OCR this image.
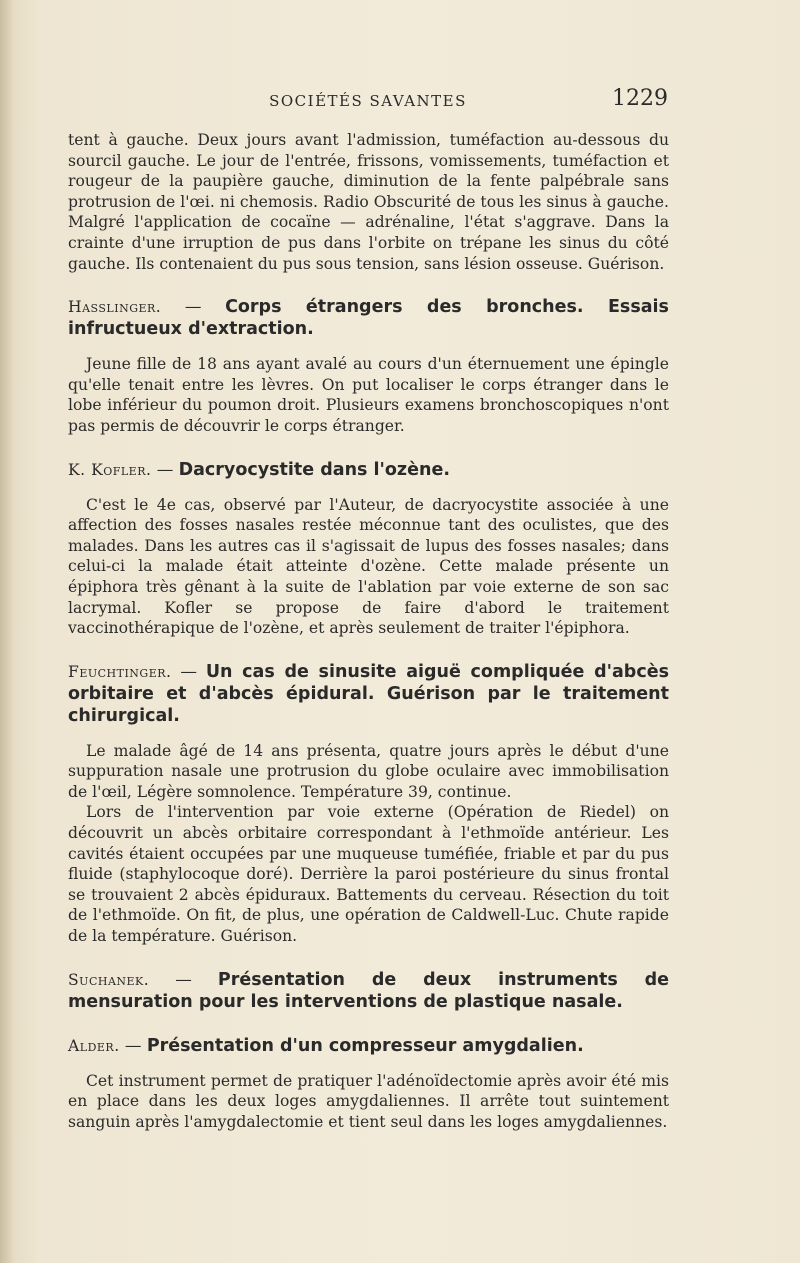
SOCIÉTÉS SAVANTES	1229

tent à gauche. Deux jours avant l'admission, tuméfaction au-dessous du sourcil gauche. Le jour de l'entrée, frissons, vomissements, tuméfaction et rougeur de la paupière gauche, diminution de la fente palpébrale sans protrusion de l'œi. ni chemosis. Radio Obscurité de tous les sinus à gauche. Malgré l'application de cocaïne — adrénaline, l'état s'aggrave. Dans la crainte d'une irruption de pus dans l'orbite on trépane les sinus du côté gauche. Ils contenaient du pus sous tension, sans lésion osseuse. Guérison.

Hasslinger. — Corps étrangers des bronches. Essais infructueux d'extraction.

Jeune fille de 18 ans ayant avalé au cours d'un éternuement une épingle qu'elle tenait entre les lèvres. On put localiser le corps étranger dans le lobe inférieur du poumon droit. Plusieurs examens bronchoscopiques n'ont pas permis de découvrir le corps étranger.

K. Kofler. — Dacryocystite dans l'ozène.

C'est le 4e cas, observé par l'Auteur, de dacryocystite associée à une affection des fosses nasales restée méconnue tant des oculistes, que des malades. Dans les autres cas il s'agissait de lupus des fosses nasales; dans celui-ci la malade était atteinte d'ozène. Cette malade présente un épiphora très gênant à la suite de l'ablation par voie externe de son sac lacrymal. Kofler se propose de faire d'abord le traitement vaccinothérapique de l'ozène, et après seulement de traiter l'épiphora.

Feuchtinger. — Un cas de sinusite aiguë compliquée d'abcès orbitaire et d'abcès épidural. Guérison par le traitement chirurgical.

Le malade âgé de 14 ans présenta, quatre jours après le début d'une suppuration nasale une protrusion du globe oculaire avec immobilisation de l'œil, Légère somnolence. Température 39, continue.

Lors de l'intervention par voie externe (Opération de Riedel) on découvrit un abcès orbitaire correspondant à l'ethmoïde antérieur. Les cavités étaient occupées par une muqueuse tuméfiée, friable et par du pus fluide (staphylocoque doré). Derrière la paroi postérieure du sinus frontal se trouvaient 2 abcès épiduraux. Battements du cerveau. Résection du toit de l'ethmoïde. On fit, de plus, une opération de Caldwell-Luc. Chute rapide de la température. Guérison.

Suchanek. — Présentation de deux instruments de mensuration pour les interventions de plastique nasale.
Alder. — Présentation d'un compresseur amygdalien.

Cet instrument permet de pratiquer l'adénoïdectomie après avoir été mis en place dans les deux loges amygdaliennes. Il arrête tout suintement sanguin après l'amygdalectomie et tient seul dans les loges amygdaliennes.
